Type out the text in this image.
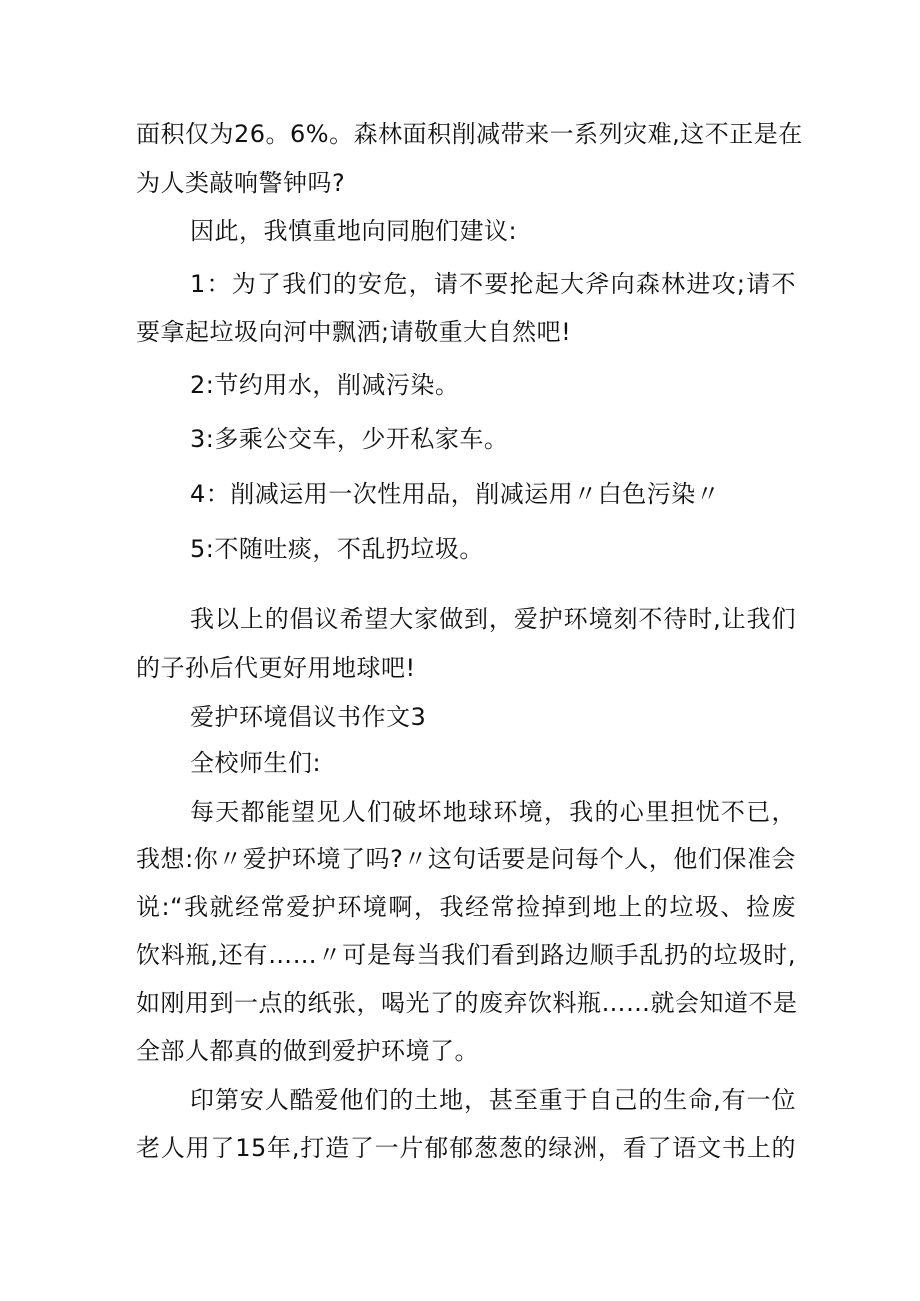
面积仅为26。6%。森林面积削减带来一系列灾难,这不正是在
为人类敲响警钟吗?
因此，我慎重地向同胞们建议:
1：为了我们的安危，请不要抡起大斧向森林进攻;请不
要拿起垃圾向河中飘洒;请敬重大自然吧!
2:节约用水，削减污染。
3:多乘公交车，少开私家车。
4：削减运用一次性用品，削减运用〃白色污染〃
5:不随吐痰，不乱扔垃圾。
我以上的倡议希望大家做到，爱护环境刻不待时,让我们
的子孙后代更好用地球吧!
爱护环境倡议书作文3
全校师生们:
每天都能望见人们破坏地球环境，我的心里担忧不已，
我想:你〃爱护环境了吗?〃这句话要是问每个人，他们保准会
说:“我就经常爱护环境啊，我经常捡掉到地上的垃圾、捡废
饮料瓶,还有……〃可是每当我们看到路边顺手乱扔的垃圾时,
如刚用到一点的纸张，喝光了的废弃饮料瓶……就会知道不是
全部人都真的做到爱护环境了。
印第安人酷爱他们的土地，甚至重于自己的生命,有一位
老人用了15年,打造了一片郁郁葱葱的绿洲，看了语文书上的
